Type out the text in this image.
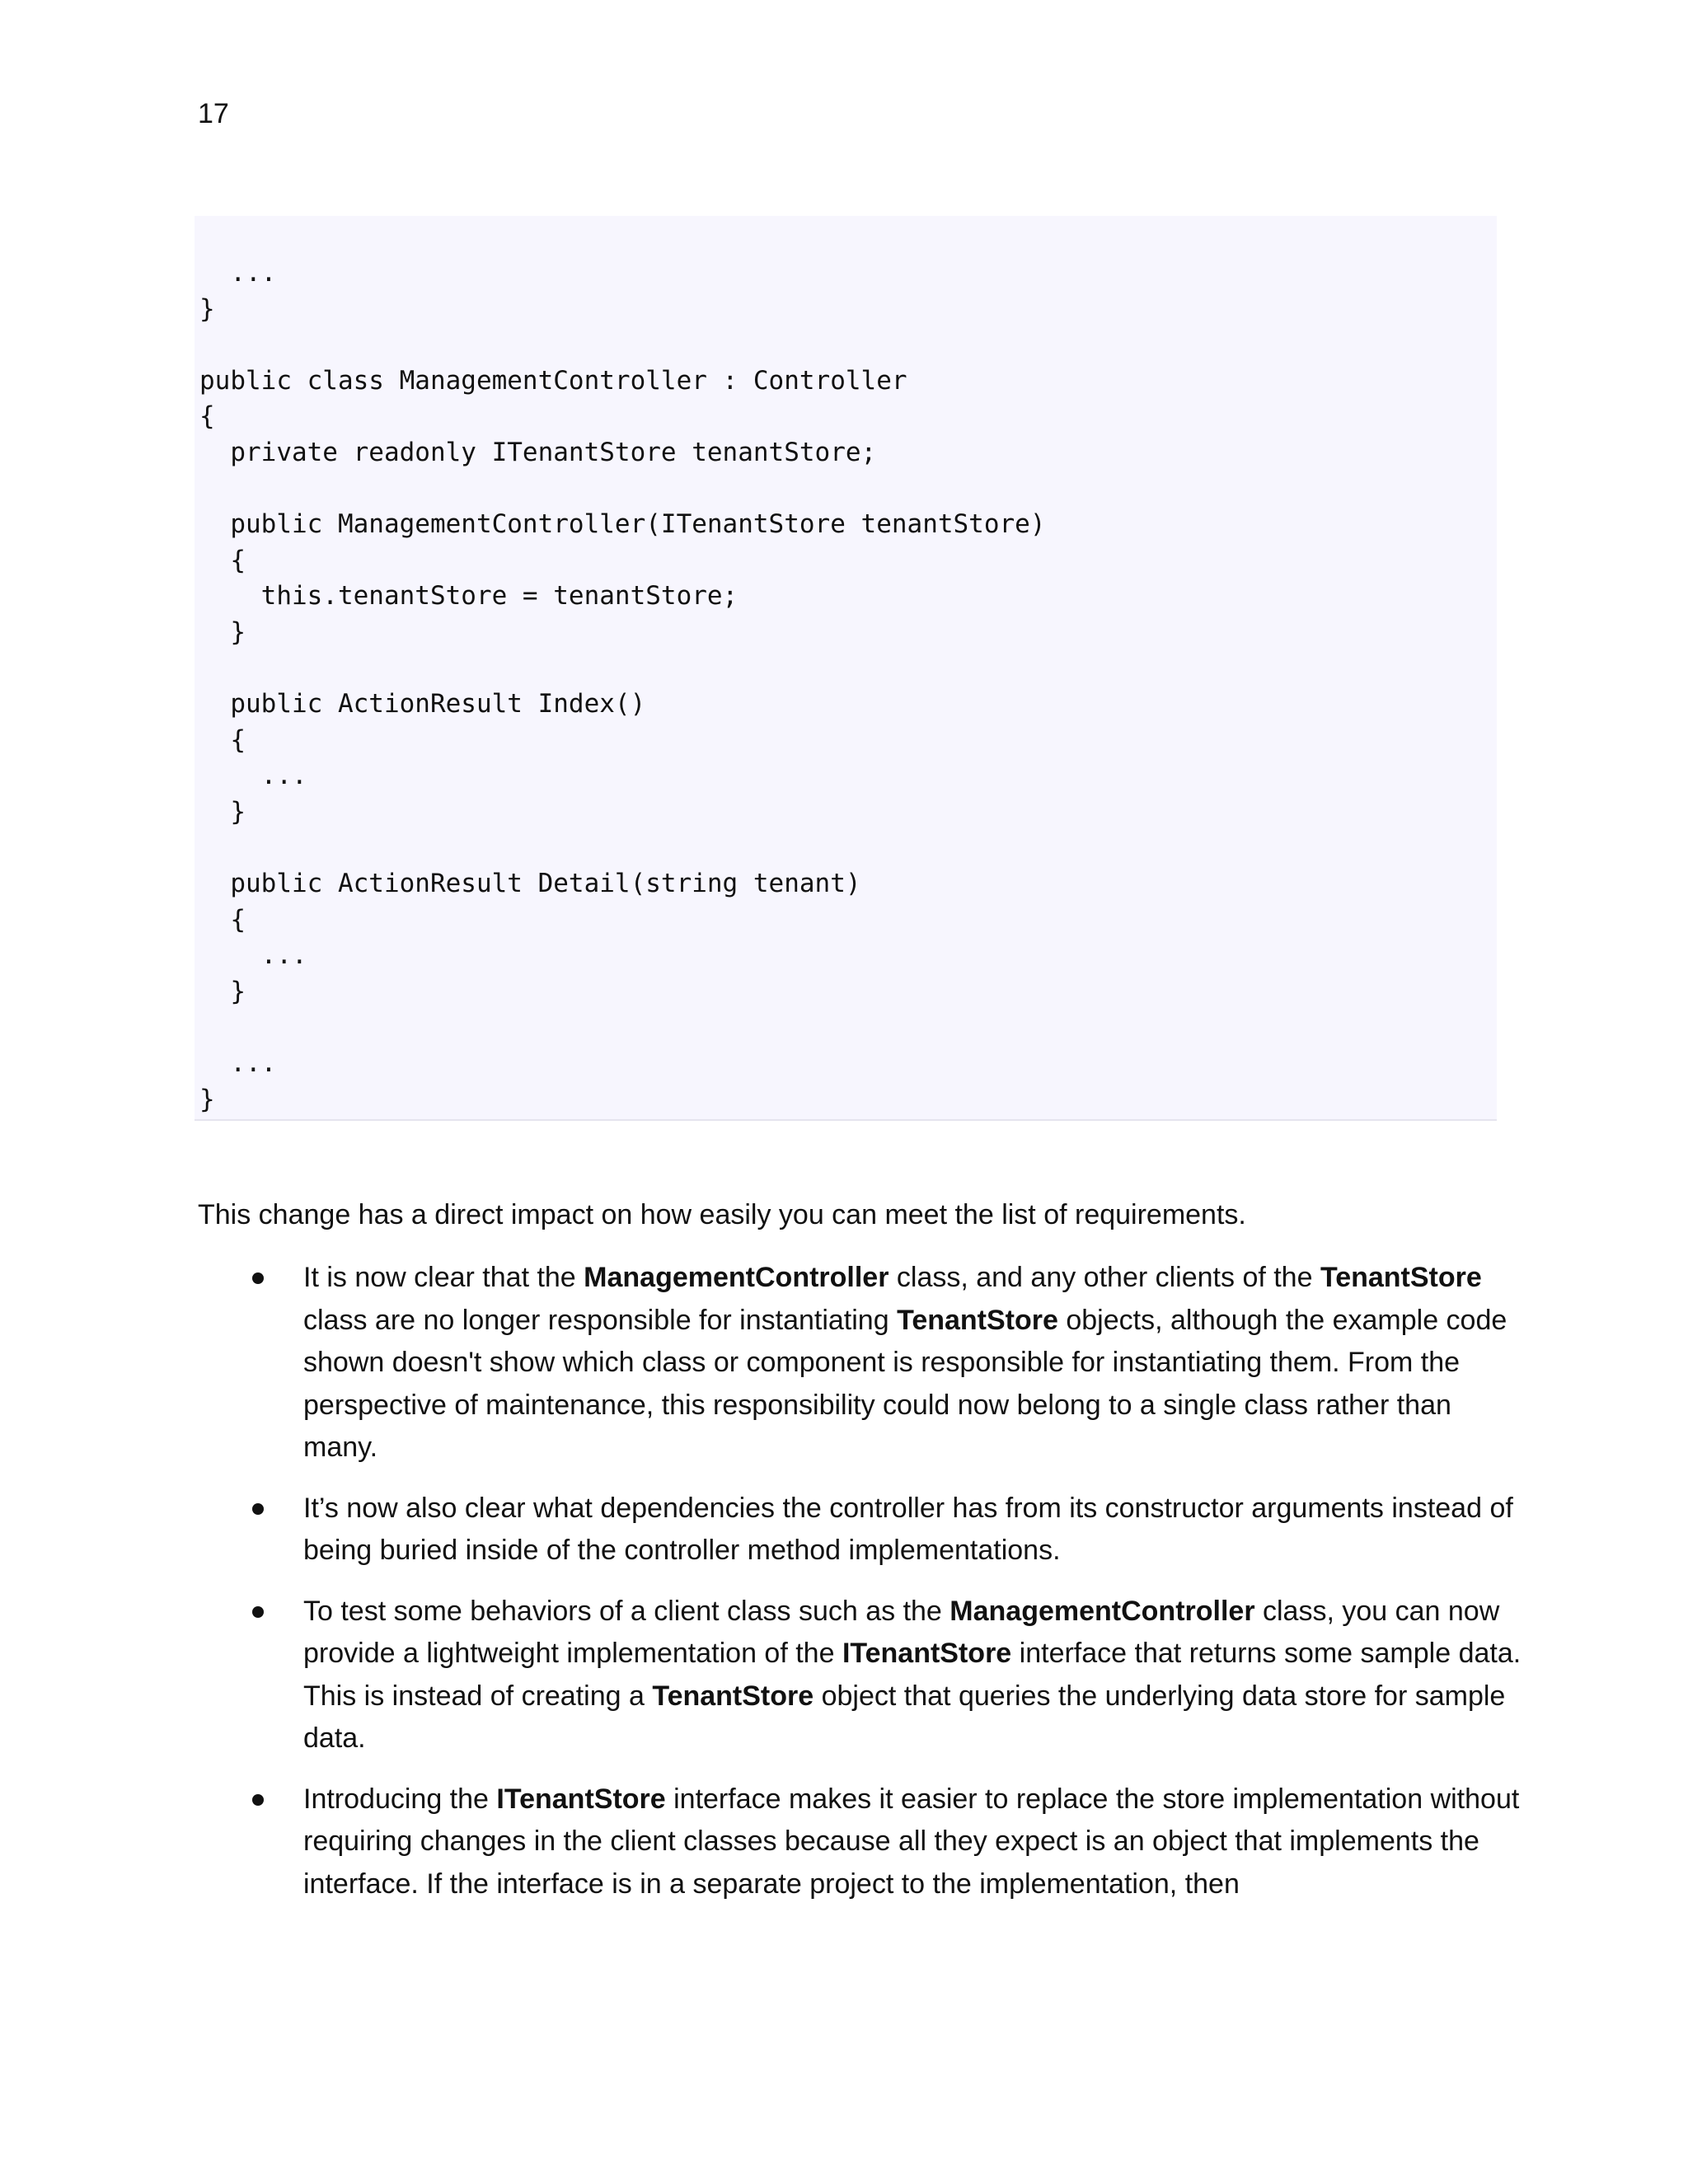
17
...
}
public class ManagementController : Controller
{
private readonly ITenantStore tenantStore;
public ManagementController(ITenantStore tenantStore)
{
this.tenantStore = tenantStore;
}
public ActionResult Index()
{
...
}
public ActionResult Detail(string tenant)
{
...
}
...
}
This change has a direct impact on how easily you can meet the list of requirements.
It is now clear that the ManagementController class, and any other clients of the TenantStore class are no longer responsible for instantiating TenantStore objects, although the example code shown doesn't show which class or component is responsible for instantiating them. From the perspective of maintenance, this responsibility could now belong to a single class rather than many.
It’s now also clear what dependencies the controller has from its constructor arguments instead of being buried inside of the controller method implementations.
To test some behaviors of a client class such as the ManagementController class, you can now provide a lightweight implementation of the ITenantStore interface that returns some sample data. This is instead of creating a TenantStore object that queries the underlying data store for sample data.
Introducing the ITenantStore interface makes it easier to replace the store implementation without requiring changes in the client classes because all they expect is an object that implements the interface. If the interface is in a separate project to the implementation, then
